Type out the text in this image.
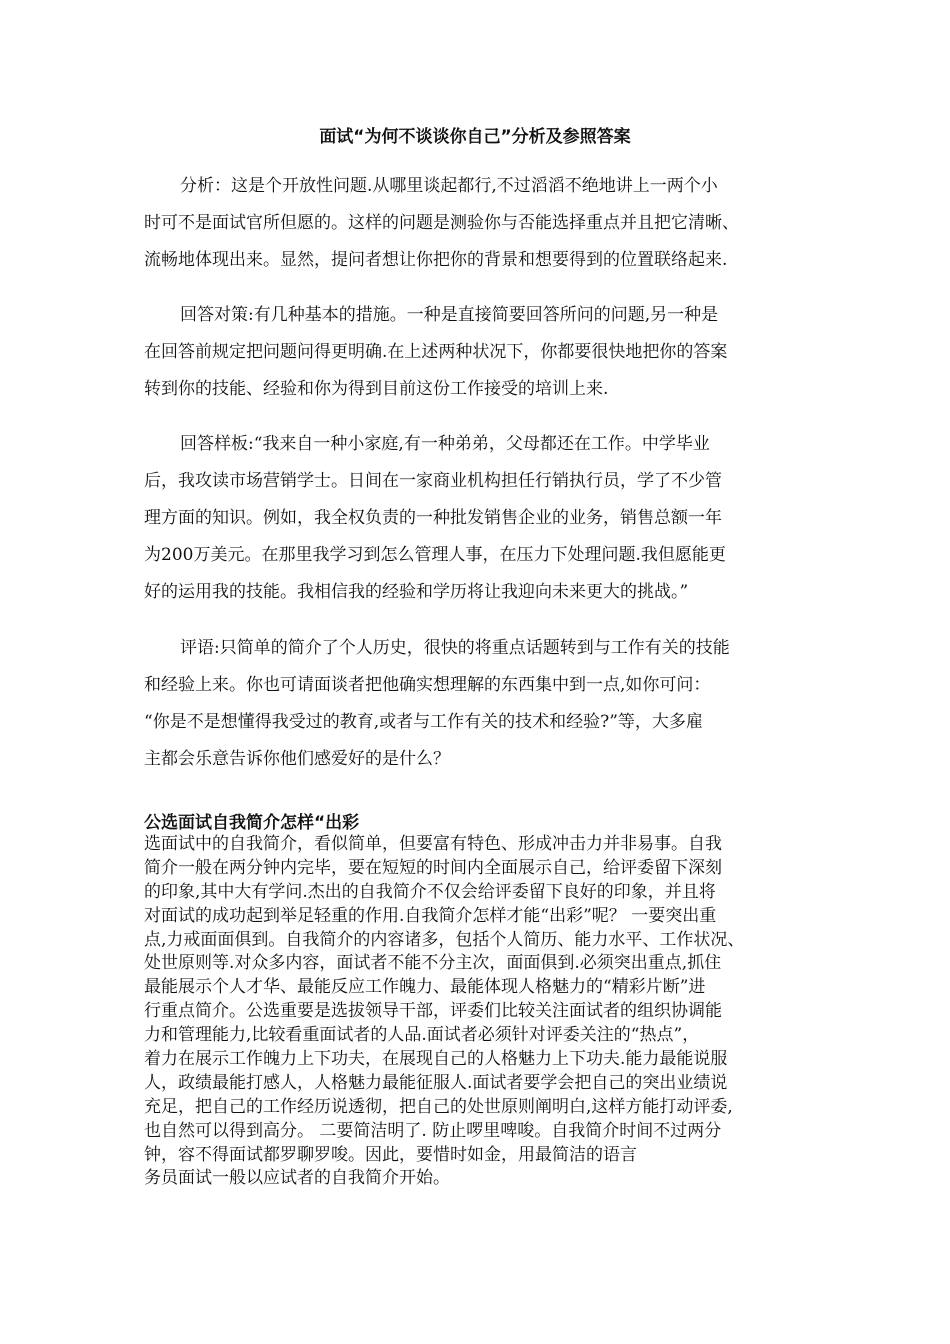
面试“为何不谈谈你自己”分析及参照答案
分析：这是个开放性问题.从哪里谈起都行,不过滔滔不绝地讲上一两个小
时可不是面试官所但愿的。这样的问题是测验你与否能选择重点并且把它清晰、
流畅地体现出来。显然，提问者想让你把你的背景和想要得到的位置联络起来.
回答对策:有几种基本的措施。一种是直接简要回答所问的问题,另一种是
在回答前规定把问题问得更明确.在上述两种状况下，你都要很快地把你的答案
转到你的技能、经验和你为得到目前这份工作接受的培训上来.
回答样板:“我来自一种小家庭,有一种弟弟，父母都还在工作。中学毕业
后，我攻读市场营销学士。日间在一家商业机构担任行销执行员，学了不少管
理方面的知识。例如，我全权负责的一种批发销售企业的业务，销售总额一年
为200万美元。在那里我学习到怎么管理人事，在压力下处理问题.我但愿能更
好的运用我的技能。我相信我的经验和学历将让我迎向未来更大的挑战。”
评语:只简单的简介了个人历史，很快的将重点话题转到与工作有关的技能
和经验上来。你也可请面谈者把他确实想理解的东西集中到一点,如你可问：
“你是不是想懂得我受过的教育,或者与工作有关的技术和经验?”等，大多雇
主都会乐意告诉你他们感爱好的是什么？
公选面试自我简介怎样“出彩
选面试中的自我简介，看似简单，但要富有特色、形成冲击力并非易事。自我
简介一般在两分钟内完毕，要在短短的时间内全面展示自己，给评委留下深刻
的印象,其中大有学问.杰出的自我简介不仅会给评委留下良好的印象，并且将
对面试的成功起到举足轻重的作用.自我简介怎样才能“出彩”呢？ 一要突出重
点,力戒面面俱到。自我简介的内容诸多，包括个人简历、能力水平、工作状况、
处世原则等.对众多内容，面试者不能不分主次，面面俱到.必须突出重点,抓住
最能展示个人才华、最能反应工作魄力、最能体现人格魅力的“精彩片断”进
行重点简介。公选重要是选拔领导干部，评委们比较关注面试者的组织协调能
力和管理能力,比较看重面试者的人品.面试者必须针对评委关注的“热点”，
着力在展示工作魄力上下功夫，在展现自己的人格魅力上下功夫.能力最能说服
人，政绩最能打感人，人格魅力最能征服人.面试者要学会把自己的突出业绩说
充足，把自己的工作经历说透彻，把自己的处世原则阐明白,这样方能打动评委,
也自然可以得到高分。 二要简洁明了. 防止啰里啤唆。自我简介时间不过两分
钟，容不得面试都罗聊罗唆。因此，要惜时如金，用最简洁的语言
务员面试一般以应试者的自我简介开始。
